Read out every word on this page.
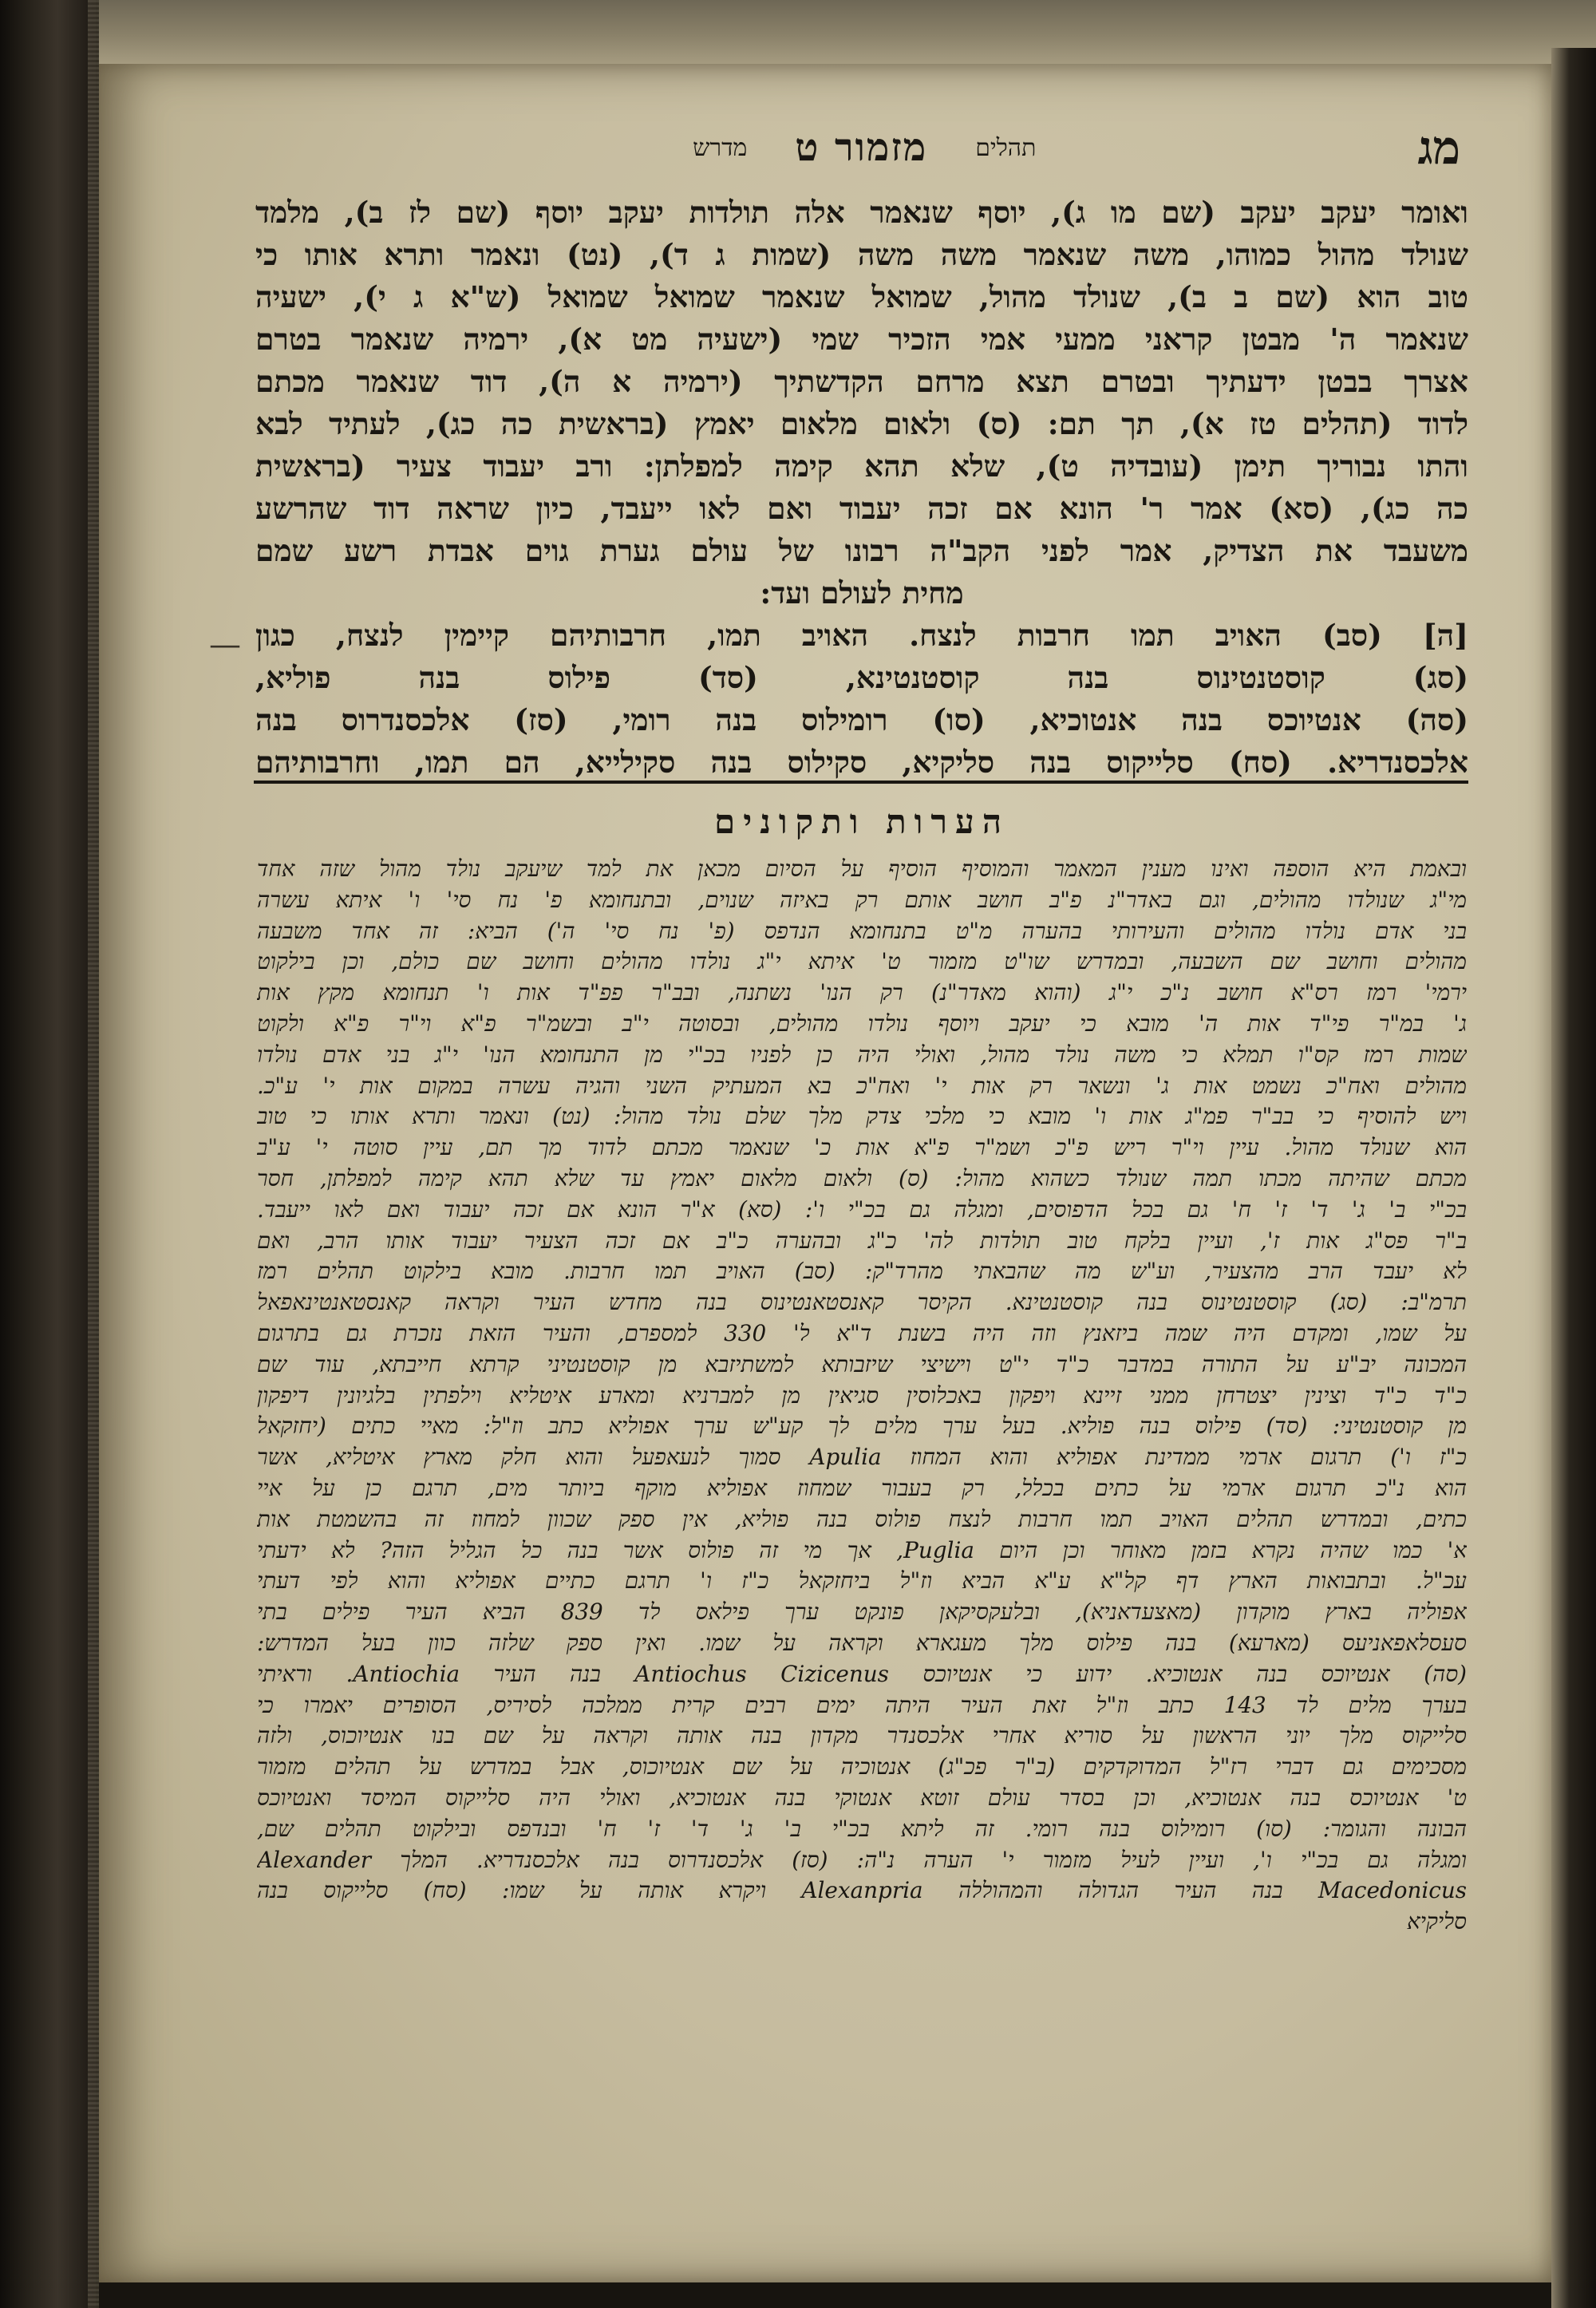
מג
תהלים
מזמור ט
מדרש
ואומר יעקב יעקב (שם מו ג), יוסף שנאמר אלה תולדות יעקב יוסף (שם לז ב), מלמד
שנולד מהול כמוהו, משה שנאמר משה משה (שמות ג ד), (נט) ונאמר ותרא אותו כי
טוב הוא (שם ב ב), שנולד מהול, שמואל שנאמר שמואל שמואל (ש"א ג י), ישעיה
שנאמר ה' מבטן קראני ממעי אמי הזכיר שמי (ישעיה מט א), ירמיה שנאמר בטרם
אצרך בבטן ידעתיך ובטרם תצא מרחם הקדשתיך (ירמיה א ה), דוד שנאמר מכתם
לדוד (תהלים טז א), תך תם: (ס) ולאום מלאום יאמץ (בראשית כה כג), לעתיד לבא
והתו נבוריך תימן (עובדיה ט), שלא תהא קימה למפלתן: ורב יעבוד צעיר (בראשית
כה כג), (סא) אמר ר' הונא אם זכה יעבוד ואם לאו ייעבד, כיון שראה דוד שהרשע
משעבד את הצדיק, אמר לפני הקב"ה רבונו של עולם גערת גוים אבדת רשע שמם
מחית לעולם ועד:
[ה] (סב) האויב תמו חרבות לנצח. האויב תמו, חרבותיהם קיימין לנצח, כגון
(סג) קוסטנטינוס בנה קוסטנטינא, (סד) פילוס בנה פוליא,
(סה) אנטיוכס בנה אנטוכיא, (סו) רומילוס בנה רומי, (סז) אלכסנדרוס בנה
אלכסנדריא. (סח) סלייקוס בנה סליקיא, סקילוס בנה סקילייא, הם תמו, וחרבותיהם
—
הערות ותקונים
ובאמת היא הוספה ואינו מענין המאמר והמוסיף הוסיף על הסיום מכאן את למד שיעקב נולד מהול שזה אחד
מי"ג שנולדו מהולים, וגם באדר"נ פ"ב חושב אותם רק באיזה שנוים, ובתנחומא פ' נח סי' ו' איתא עשרה
בני אדם נולדו מהולים והעירותי בהערה מ"ט בתנחומא הנדפס (פ' נח סי' ה') הביא: זה אחד משבעה
מהולים וחושב שם השבעה, ובמדרש שו"ט מזמור ט' איתא י"ג נולדו מהולים וחושב שם כולם, וכן בילקוט
ירמי' רמז רס"א חושב נ"כ י"ג (והוא מאדר"נ) רק הנו' נשתנה, ובב"ר פפ"ד אות ו' תנחומא מקץ אות
ג' במ"ר פי"ד אות ה' מובא כי יעקב ויוסף נולדו מהולים, ובסוטה י"ב ובשמ"ר פ"א וי"ר פ"א ולקוט
שמות רמז קס"ו תמלא כי משה נולד מהול, ואולי היה כן לפניו בכ"י מן התנחומא הנו' י"ג בני אדם נולדו
מהולים ואח"כ נשמט אות ג' ונשאר רק אות י' ואח"כ בא המעתיק השני והגיה עשרה במקום אות י' ע"כ.
ויש להוסיף כי בב"ר פמ"ג אות ו' מובא כי מלכי צדק מלך שלם נולד מהול: (נט) ונאמר ותרא אותו כי טוב
הוא שנולד מהול. עיין וי"ר ריש פ"כ ושמ"ר פ"א אות כ' שנאמר מכתם לדוד מך תם, עיין סוטה י' ע"ב
מכתם שהיתה מכתו תמה שנולד כשהוא מהול: (ס) ולאום מלאום יאמץ עד שלא תהא קימה למפלתן, חסר
בכ"י ב' ג' ד' ז' ח' גם בכל הדפוסים, ומגלה גם בכ"י ו': (סא) א"ר הונא אם זכה יעבוד ואם לאו ייעבד.
ב"ר פס"ג אות ז', ועיין בלקח טוב תולדות לה' כ"ג ובהערה כ"ב אם זכה הצעיר יעבוד אותו הרב, ואם
לא יעבד הרב מהצעיר, וע"ש מה שהבאתי מהרד"ק: (סב) האויב תמו חרבות. מובא בילקוט תהלים רמז
תרמ"ב: (סג) קוסטנטינוס בנה קוסטנטינא. הקיסר קאנסטאנטינוס בנה מחדש העיר וקראה קאנסטאנטינאפאל
על שמו, ומקדם היה שמה ביזאנץ וזה היה בשנת ד"א ל' 330 למספרם, והעיר הזאת נזכרת גם בתרגום
המכונה יב"ע על התורה במדבר כ"ד י"ט וישיצי שיזבותא למשתיזבא מן קוסטנטיני קרתא חייבתא, עוד שם
כ"ד כ"ד וצינין יצטרחן ממני זיינא ויפקון באכלוסין סגיאין מן למברניא ומארע איטליא וילפתין בלגיונין דיפקון
מן קוסטנטיני: (סד) פילוס בנה פוליא. בעל ערך מלים לך קע"ש ערך אפוליא כתב וז"ל: מאיי כתים (יחזקאל
כ"ז ו') תרגום ארמי ממדינת אפוליא והוא המחוז Apulia סמוך לנעאפעל והוא חלק מארץ איטליא, אשר
הוא נ"כ תרגום ארמי על כתים בכלל, רק בעבור שמחוז אפוליא מוקף ביותר מים, תרגם כן על איי
כתים, ובמדרש תהלים האויב תמו חרבות לנצח פולוס בנה פוליא, אין ספק שכוון למחוז זה בהשמטת אות
א' כמו שהיה נקרא בזמן מאוחר וכן היום Puglia, אך מי זה פולוס אשר בנה כל הגליל הזה? לא ידעתי
עכ"ל. ובתבואות הארץ דף קל"א ע"א הביא וז"ל ביחזקאל כ"ז ו' תרגם כתיים אפוליא והוא לפי דעתי
אפוליה בארץ מוקדון (מאצעדאניא), ובלעקסיקאן פונקט ערך פילאס לד 839 הביא העיר פילים בתי
סעסלאפאניעס (מארעא) בנה פילוס מלך מעגארא וקראה על שמו. ואין ספק שלזה כוון בעל המדרש:
(סה) אנטיוכס בנה אנטוכיא. ידוע כי אנטיוכס Antiochus Cizicenus בנה העיר Antiochia. וראיתי
בערך מלים לד 143 כתב וז"ל זאת העיר היתה ימים רבים קרית ממלכה לסיריס, הסופרים יאמרו כי
סלייקוס מלך יוני הראשון על סוריא אחרי אלכסנדר מקדון בנה אותה וקראה על שם בנו אנטיוכוס, ולזה
מסכימים גם דברי רז"ל המדוקדקים (ב"ר פכ"ג) אנטוכיה על שם אנטיוכוס, אבל במדרש על תהלים מזמור
ט' אנטיוכס בנה אנטוכיא, וכן בסדר עולם זוטא אנטוקי בנה אנטוכיא, ואולי היה סלייקוס המיסד ואנטיוכס
הבונה והגומר: (סו) רומילוס בנה רומי. זה ליתא בכ"י ב' ג' ד' ז' ח' ובנדפס ובילקוט תהלים שם,
ומגלה גם בכ"י ו', ועיין לעיל מזמור י' הערה נ"ה: (סז) אלכסנדרוס בנה אלכסנדריא. המלך Alexander
Macedonicus בנה העיר הגדולה והמהוללה Alexanpria ויקרא אותה על שמו: (סח) סלייקוס בנה
סליקיא
